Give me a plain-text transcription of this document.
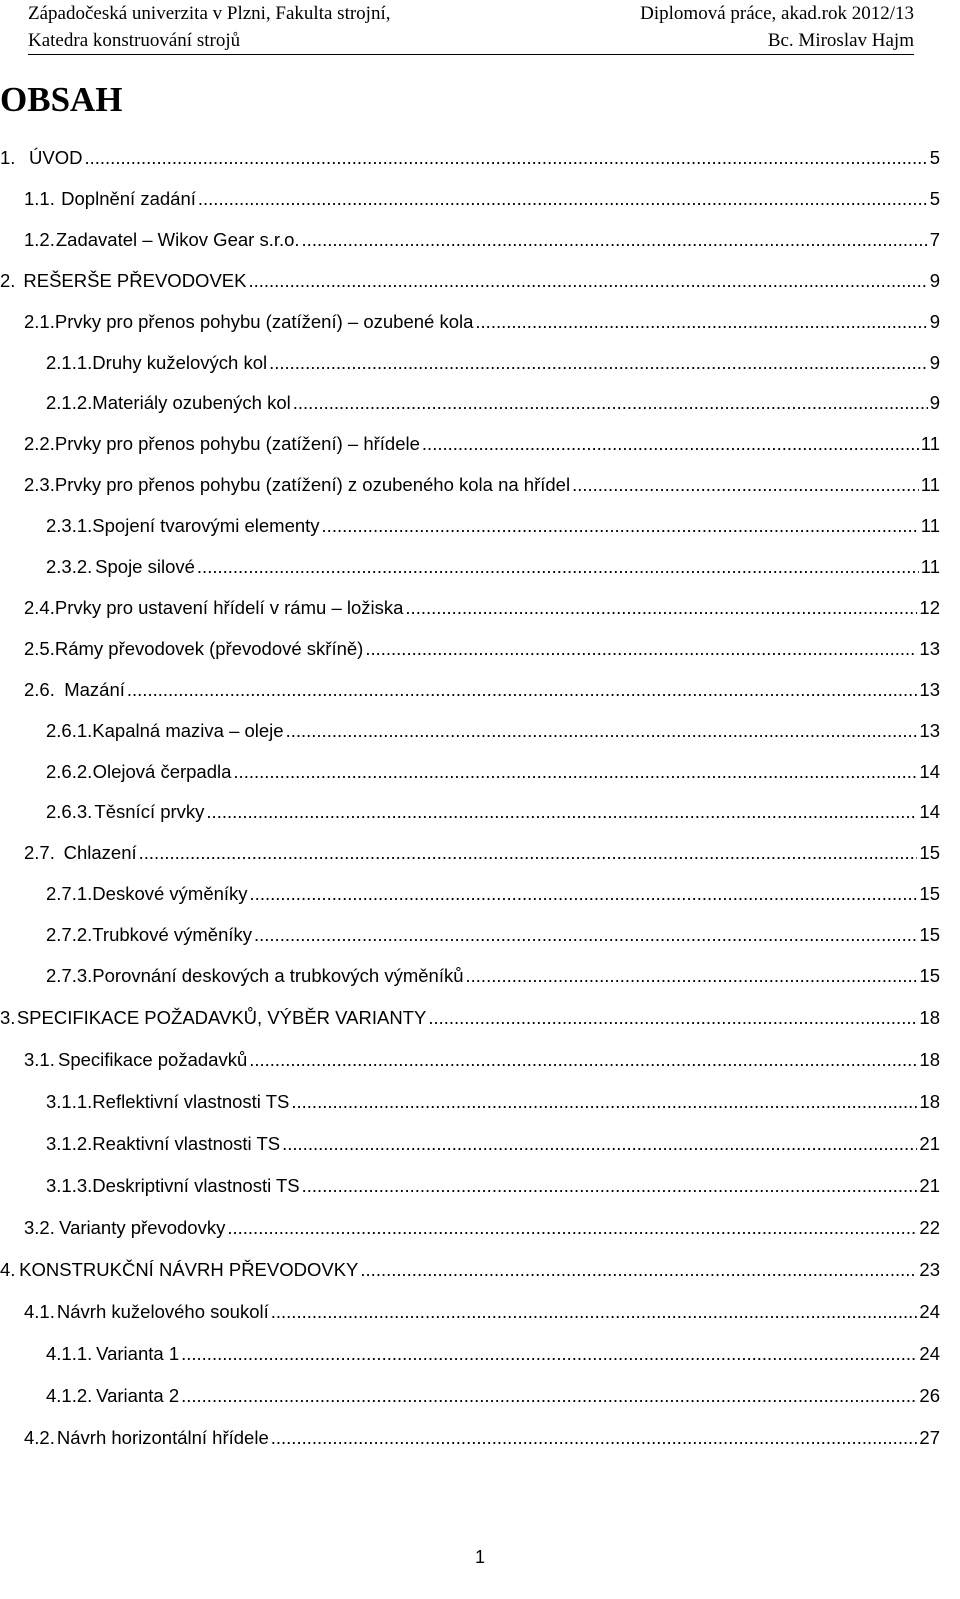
Západočeská univerzita v Plzni, Fakulta strojní,	Diplomová práce, akad.rok 2012/13
Katedra konstruování strojů	Bc. Miroslav Hajm
OBSAH
1. ÚVOD .....	5
1.1. Doplnění zadání .....	5
1.2. Zadavatel – Wikov Gear s.r.o. .....	7
2. REŠERŠE PŘEVODOVEK .....	9
2.1. Prvky pro přenos pohybu (zatížení) – ozubené kola .....	9
2.1.1. Druhy kuželových kol .....	9
2.1.2. Materiály ozubených kol .....	9
2.2. Prvky pro přenos pohybu (zatížení) – hřídele .....	11
2.3. Prvky pro přenos pohybu (zatížení) z ozubeného kola na hřídel .....	11
2.3.1. Spojení tvarovými elementy .....	11
2.3.2. Spoje silové .....	11
2.4. Prvky pro ustavení hřídelí v rámu – ložiska .....	12
2.5. Rámy převodovek (převodové skříně) .....	13
2.6. Mazání .....	13
2.6.1. Kapalná maziva – oleje .....	13
2.6.2. Olejová čerpadla .....	14
2.6.3. Těsnící prvky .....	14
2.7. Chlazení .....	15
2.7.1. Deskové výměníky .....	15
2.7.2. Trubkové výměníky .....	15
2.7.3. Porovnání deskových a trubkových výměníků .....	15
3. SPECIFIKACE POŽADAVKŮ, VÝBĚR VARIANTY .....	18
3.1. Specifikace požadavků .....	18
3.1.1. Reflektivní vlastnosti TS .....	18
3.1.2. Reaktivní vlastnosti TS .....	21
3.1.3. Deskriptivní vlastnosti TS .....	21
3.2. Varianty převodovky .....	22
4. KONSTRUKČNÍ NÁVRH PŘEVODOVKY .....	23
4.1. Návrh kuželového soukolí .....	24
4.1.1. Varianta 1 .....	24
4.1.2. Varianta 2 .....	26
4.2. Návrh horizontální hřídele .....	27
1
